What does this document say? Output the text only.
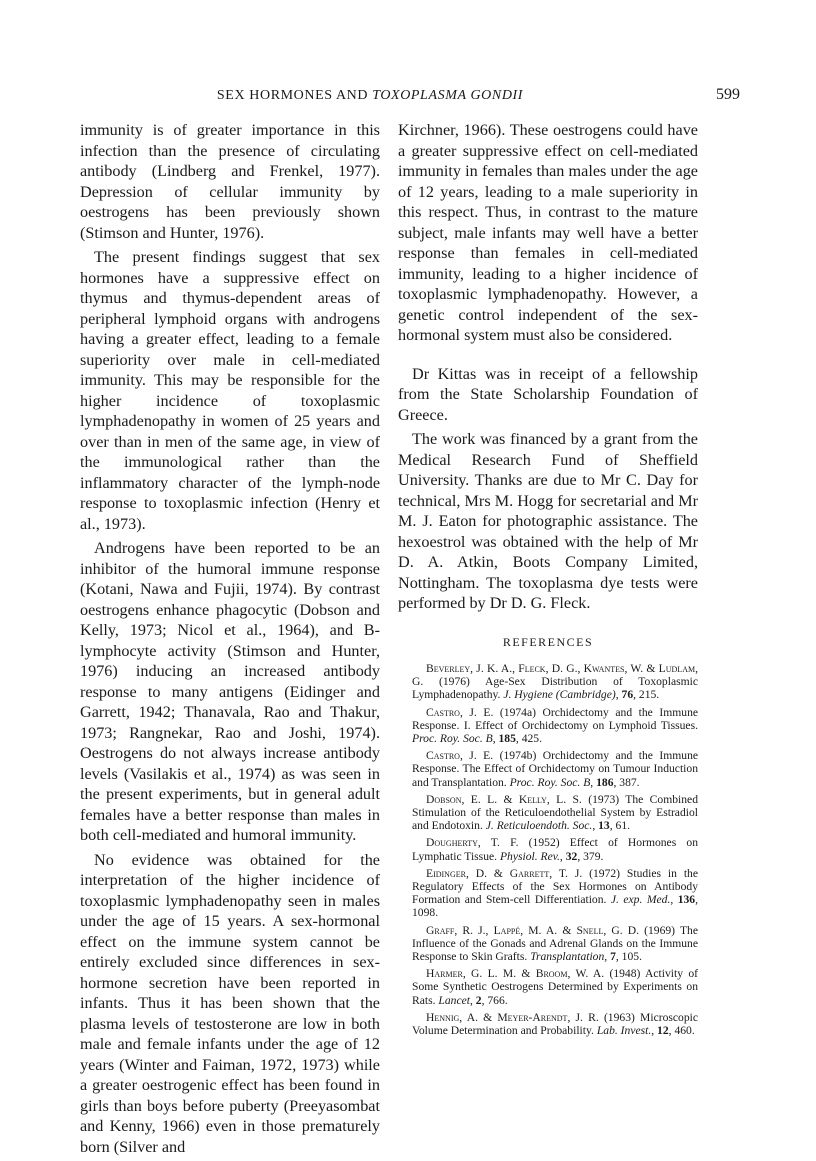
SEX HORMONES AND TOXOPLASMA GONDII	599

immunity is of greater importance in this infection than the presence of circulating antibody (Lindberg and Frenkel, 1977). Depression of cellular immunity by oestrogens has been previously shown (Stimson and Hunter, 1976).

The present findings suggest that sex hormones have a suppressive effect on thymus and thymus-dependent areas of peripheral lymphoid organs with androgens having a greater effect, leading to a female superiority over male in cell-mediated immunity. This may be responsible for the higher incidence of toxoplasmic lymphadenopathy in women of 25 years and over than in men of the same age, in view of the immunological rather than the inflammatory character of the lymph-node response to toxoplasmic infection (Henry et al., 1973).

Androgens have been reported to be an inhibitor of the humoral immune response (Kotani, Nawa and Fujii, 1974). By contrast oestrogens enhance phagocytic (Dobson and Kelly, 1973; Nicol et al., 1964), and B-lymphocyte activity (Stimson and Hunter, 1976) inducing an increased antibody response to many antigens (Eidinger and Garrett, 1942; Thanavala, Rao and Thakur, 1973; Rangnekar, Rao and Joshi, 1974). Oestrogens do not always increase antibody levels (Vasilakis et al., 1974) as was seen in the present experiments, but in general adult females have a better response than males in both cell-mediated and humoral immunity.

No evidence was obtained for the interpretation of the higher incidence of toxoplasmic lymphadenopathy seen in males under the age of 15 years. A sex-hormonal effect on the immune system cannot be entirely excluded since differences in sex-hormone secretion have been reported in infants. Thus it has been shown that the plasma levels of testosterone are low in both male and female infants under the age of 12 years (Winter and Faiman, 1972, 1973) while a greater oestrogenic effect has been found in girls than boys before puberty (Preeyasombat and Kenny, 1966) even in those prematurely born (Silver and

Kirchner, 1966). These oestrogens could have a greater suppressive effect on cell-mediated immunity in females than males under the age of 12 years, leading to a male superiority in this respect. Thus, in contrast to the mature subject, male infants may well have a better response than females in cell-mediated immunity, leading to a higher incidence of toxoplasmic lymphadenopathy. However, a genetic control independent of the sex-hormonal system must also be considered.

Dr Kittas was in receipt of a fellowship from the State Scholarship Foundation of Greece.

The work was financed by a grant from the Medical Research Fund of Sheffield University. Thanks are due to Mr C. Day for technical, Mrs M. Hogg for secretarial and Mr M. J. Eaton for photographic assistance. The hexoestrol was obtained with the help of Mr D. A. Atkin, Boots Company Limited, Nottingham. The toxoplasma dye tests were performed by Dr D. G. Fleck.

REFERENCES

Beverley, J. K. A., Fleck, D. G., Kwantes, W. & Ludlam, G. (1976) Age-Sex Distribution of Toxoplasmic Lymphadenopathy. J. Hygiene (Cambridge), 76, 215.

Castro, J. E. (1974a) Orchidectomy and the Immune Response. I. Effect of Orchidectomy on Lymphoid Tissues. Proc. Roy. Soc. B, 185, 425.

Castro, J. E. (1974b) Orchidectomy and the Immune Response. The Effect of Orchidectomy on Tumour Induction and Transplantation. Proc. Roy. Soc. B, 186, 387.

Dobson, E. L. & Kelly, L. S. (1973) The Combined Stimulation of the Reticuloendothelial System by Estradiol and Endotoxin. J. Reticuloendoth. Soc., 13, 61.

Dougherty, T. F. (1952) Effect of Hormones on Lymphatic Tissue. Physiol. Rev., 32, 379.

Eidinger, D. & Garrett, T. J. (1972) Studies in the Regulatory Effects of the Sex Hormones on Antibody Formation and Stem-cell Differentiation. J. exp. Med., 136, 1098.

Graff, R. J., Lappé, M. A. & Snell, G. D. (1969) The Influence of the Gonads and Adrenal Glands on the Immune Response to Skin Grafts. Transplantation, 7, 105.

Harmer, G. L. M. & Broom, W. A. (1948) Activity of Some Synthetic Oestrogens Determined by Experiments on Rats. Lancet, 2, 766.

Hennig, A. & Meyer-Arendt, J. R. (1963) Microscopic Volume Determination and Probability. Lab. Invest., 12, 460.
